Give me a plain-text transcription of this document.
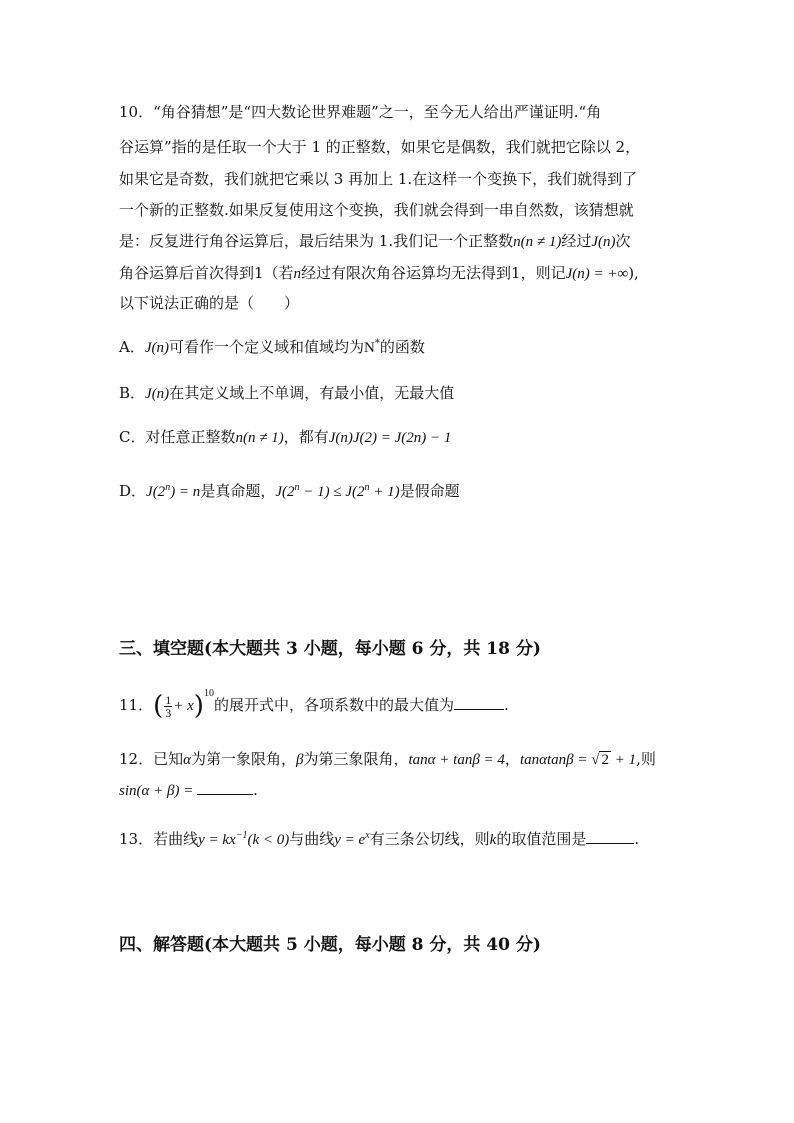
10．“角谷猜想”是“四大数论世界难题”之一，至今无人给出严谨证明.“角
谷运算”指的是任取一个大于 1 的正整数，如果它是偶数，我们就把它除以 2，
如果它是奇数，我们就把它乘以 3 再加上 1.在这样一个变换下，我们就得到了
一个新的正整数.如果反复使用这个变换，我们就会得到一串自然数，该猜想就
是：反复进行角谷运算后，最后结果为 1.我们记一个正整数n(n ≠ 1)经过J(n)次
角谷运算后首次得到1（若n经过有限次角谷运算均无法得到1，则记J(n) = +∞),
以下说法正确的是（　　）
A．J(n)可看作一个定义域和值域均为N*的函数
B．J(n)在其定义域上不单调，有最小值，无最大值
C．对任意正整数n(n ≠ 1)，都有J(n)J(2) = J(2n) − 1
D．$J(2^n) = n$是真命题，$J(2^n - 1) \le J(2^n + 1)$是假命题
三、填空题(本大题共 3 小题，每小题 6 分，共 18 分)
11．( $\frac{1}{3} + x)^{10}$的展开式中，各项系数中的最大值为	.
12．已知α为第一象限角，β为第三象限角，tanα + tanβ = 4，tanαtanβ = √ 2 + 1,则
sin(α + β) =	.
13．若曲线$y = kx^{-1}(k < 0)$与曲线$y = e^x$有三条公切线，则k的取值范围是	.
四、解答题(本大题共 5 小题，每小题 8 分，共 40 分)
